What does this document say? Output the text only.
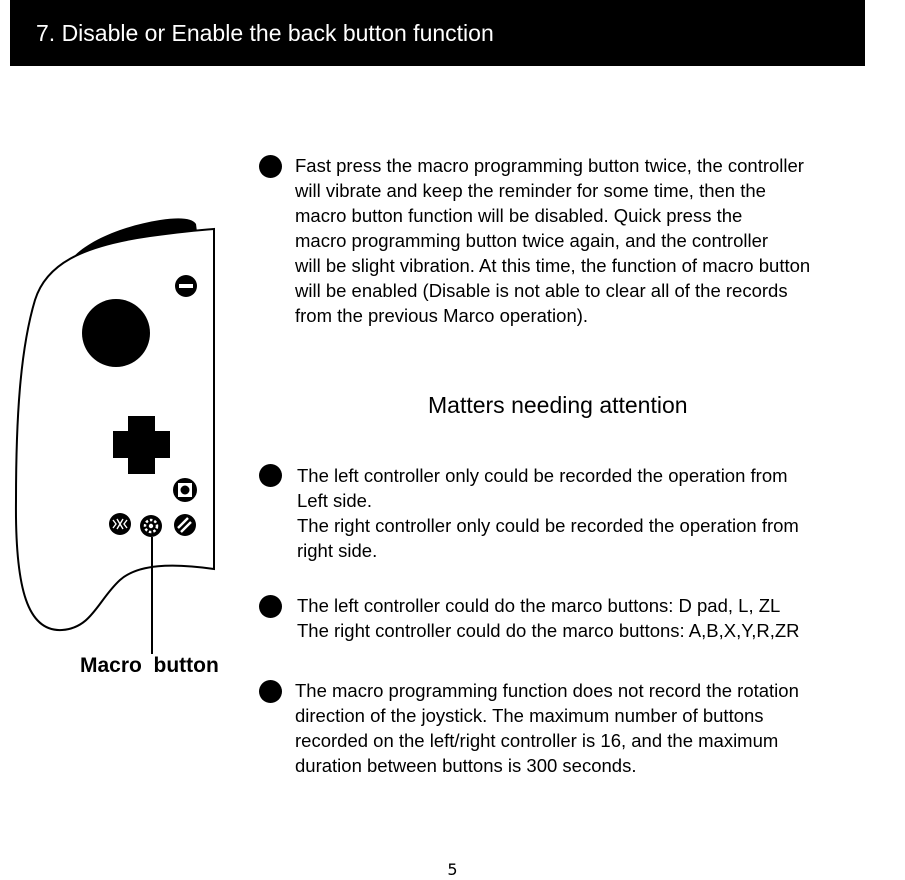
7. Disable or Enable the back button function
Macro  button
Fast press the macro programming button twice, the controller
will vibrate and keep the reminder for some time, then the
macro button function will be disabled. Quick press the
macro programming button twice again, and the controller
will be slight vibration. At this time, the function of macro button
will be enabled (Disable is not able to clear all of the records
from the previous Marco operation).
Matters needing attention
The left controller only could be recorded the operation from
Left side.
The right controller only could be recorded the operation from
right side.
The left controller could do the marco buttons: D pad, L, ZL
The right controller could do the marco buttons: A,B,X,Y,R,ZR
The macro programming function does not record the rotation
direction of the joystick. The maximum number of buttons
recorded on the left/right controller is 16, and the maximum
duration between buttons is 300 seconds.
5
